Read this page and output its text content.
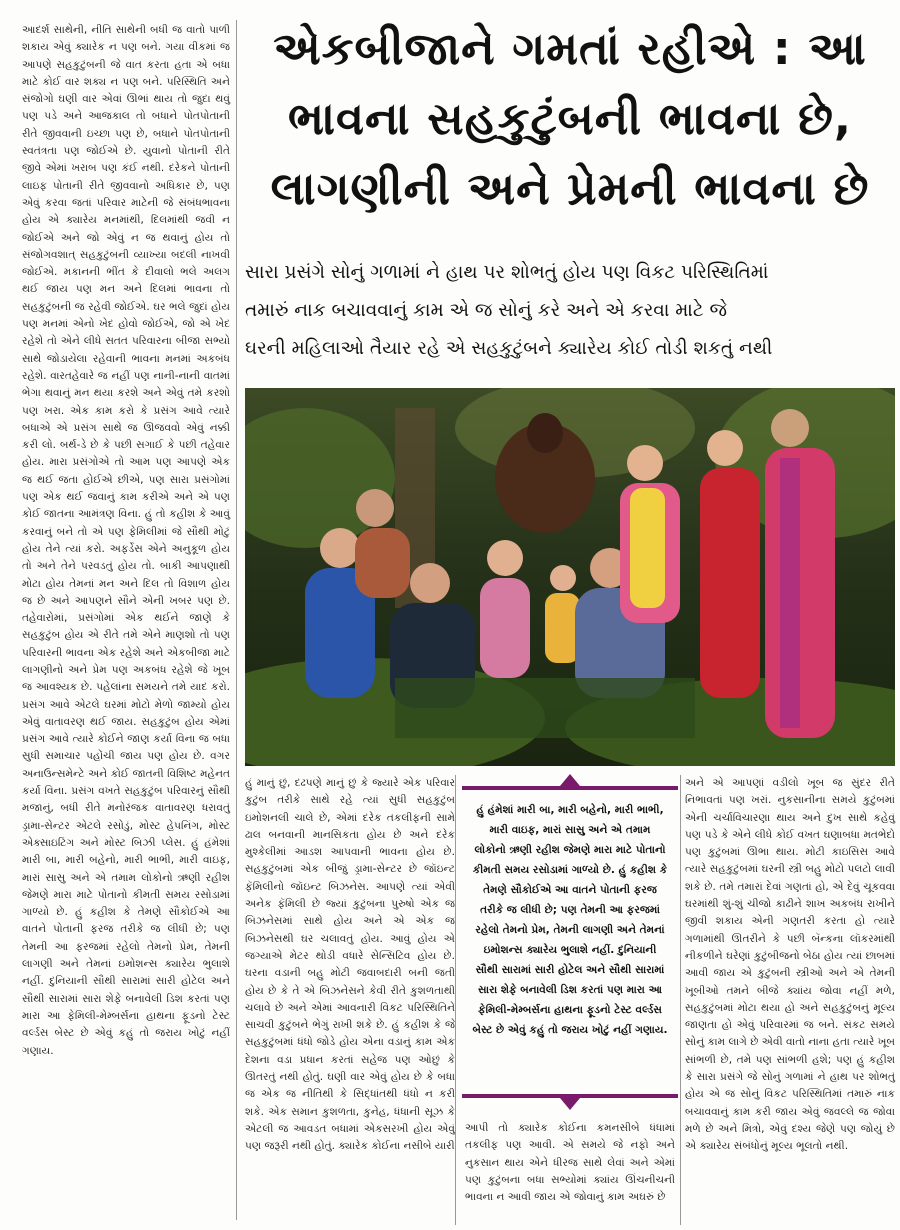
આદર્શ સાથેની, નીતિ સાથેની બધી જ વાતો પાળી શકાય એવું ક્યારેક ન પણ બને. ગયા વીકમાં જ આપણે સહકુટુંબની જે વાત કરતા હતા એ બધા માટે કોઈ વાર શક્ય ન પણ બને. પરિસ્થિતિ અને સંજોગો ઘણી વાર એવાં ઊભાં થાય તો જુદા થવું પણ પડે અને આજકાલ તો બધાને પોતપોતાની રીતે જીવવાની ઇચ્છા પણ છે, બધાને પોતપોતાની સ્વતંત્રતા પણ જોઈએ છે. યુવાનો પોતાની રીતે જીવે એમાં ખરાબ પણ કંઈ નથી. દરેકને પોતાની લાઇફ પોતાની રીતે જીવવાનો અધિકાર છે, પણ એવું કરવા જતાં પરિવાર માટેની જે સંબંધભાવના હોય એ ક્યારેય મનમાંથી, દિલમાંથી જવી ન જોઈએ અને જો એવું ન જ થવાનું હોય તો સંજોગવશાત્ સહકુટુંબની વ્યાખ્યા બદલી નાખવી જોઈએ. મકાનની ભીંત કે દીવાલો ભલે અલગ થઈ જાય પણ મન અને દિલમાં ભાવના તો સહકુટુંબની જ રહેવી જોઈએ. ઘર ભલે જુદાં હોય પણ મનમાં એનો ખેદ હોવો જોઈએ, જો એ ખેદ રહેશે તો એને લીધે સતત પરિવારના બીજા સભ્યો સાથે જોડાયેલા રહેવાની ભાવના મનમાં અકબંધ રહેશે. વારતહેવારે જ નહીં પણ નાની-નાની વાતમાં ભેગા થવાનું મન થયા કરશે અને એવું તમે કરશો પણ ખરા. એક કામ કરો કે પ્રસંગ આવે ત્યારે બધાએ એ પ્રસંગ સાથે જ ઊજવવો એવું નક્કી કરી લો. બર્થ-ડે છે કે પછી સગાઈ કે પછી તહેવાર હોય. મારા પ્રસંગોએ તો આમ પણ આપણે એક જ થઈ જતા હોઈએ છીએ, પણ સારા પ્રસંગોમાં પણ એક થઈ જવાનું કામ કરીએ અને એ પણ કોઈ જાતના આમંત્રણ વિના. હું તો કહીશ કે આવું કરવાનું બને તો એ પણ ફેમિલીમાં જે સૌથી મોટું હોય તેને ત્યાં કરો. અફર્ડેસ એને અનુકૂળ હોય તો અને તેને પરવડતું હોય તો. બાકી આપણાથી મોટા હોય તેમનાં મન અને દિલ તો વિશાળ હોય જ છે અને આપણને સૌને એની ખબર પણ છે. તહેવારોમાં, પ્રસંગોમાં એક થઈને જાણે કે સહકુટુંબ હોય એ રીતે તમે એને માણશો તો પણ પરિવારની ભાવના એક રહેશે અને એકબીજા માટે લાગણીનો અને પ્રેમ પણ અકબંધ રહેશે જે ખૂબ જ આવશ્યક છે. પહેલાંના સમયને તમે યાદ કરો. પ્રસંગ આવે એટલે ઘરમાં મોટો મેળો જામ્યો હોય એવું વાતાવરણ થઈ જાય. સહકુટુંબ હોય એમાં પ્રસંગ આવે ત્યારે કોઈને જાણ કર્યા વિના જ બધા સુધી સમાચાર પહોંચી જાય પણ હોય છે. વગર અનાઉન્સમેન્ટે અને કોઈ જાતની વિશિષ્ટ મહેનત કર્યા વિના. પ્રસંગ વખતે સહકુટુંબ પરિવારનું સૌથી મજાનું, બધી રીતે મનોરંજક વાતાવરણ ધરાવતું ડ્રામા-સેન્ટર એટલે રસોડું, મોસ્ટ હેપનિંગ, મોસ્ટ એક્સાઇટિંગ અને મોસ્ટ બિઝી પ્લેસ. હું હંમેશાં મારી બા, મારી બહેનો, મારી ભાભી, મારી વાઇફ, મારાં સાસુ અને એ તમામ લોકોનો ઋણી રહીશ જેમણે મારા માટે પોતાનો કીમતી સમય રસોડામાં ગાળ્યો છે. હું કહીશ કે તેમણે સૌકોઈએ આ વાતને પોતાની ફરજ તરીકે જ લીધી છે; પણ તેમની આ ફરજમાં રહેલો તેમનો પ્રેમ, તેમની લાગણી અને તેમનાં ઇમોશન્સ ક્યારેય ભુલાશે નહીં. દુનિયાની સૌથી સારામાં સારી હોટેલ અને સૌથી સારામાં સારા શેફે બનાવેલી ડિશ કરતાં પણ મારા આ ફેમિલી-મેમ્બર્સના હાથના ફૂડનો ટેસ્ટ વર્લ્ડસ બેસ્ટ છે એવું કહું તો જરાય ખોટું નહીં ગણાય.

એકબીજાને ગમતાં રહીએ : આ
ભાવના સહકુટુંબની ભાવના છે,
લાગણીની અને પ્રેમની ભાવના છે
સારા પ્રસંગે સોનું ગળામાં ને હાથ પર શોભતું હોય પણ વિકટ પરિસ્થિતિમાં
તમારું નાક બચાવવાનું કામ એ જ સોનું કરે અને એ કરવા માટે જે
ઘરની મહિલાઓ તૈયાર રહે એ સહકુટુંબને ક્યારેય કોઈ તોડી શકતું નથી

હું માનું છું, દઢપણે માનું છું કે જ્યારે એક પરિવાર કુટુંબ તરીકે સાથે રહે ત્યાં સુધી સહકુટુંબ ઇમોશનલી ચાલે છે, એમાં દરેક તકલીફની સામે ઢાલ બનવાની માનસિકતા હોય છે અને દરેક મુશ્કેલીમાં આડશ આપવાની ભાવના હોય છે. સહકુટુંબમાં એક બીજું ડ્રામા-સેન્ટર છે જૉઇન્ટ ફૅમિલીનો જૉઇન્ટ બિઝનેસ. આપણે ત્યાં એવી અનેક ફૅમિલી છે જ્યાં કુટુંબના પુરુષો એક જ બિઝનેસમાં સાથે હોય અને એ એક જ બિઝનેસથી ઘર ચલાવતું હોય. આવું હોય એ જગ્યાએ મેટર થોડી વધારે સેન્સિટિવ હોય છે. ઘરના વડાની બહુ મોટી જવાબદારી બની જતી હોય છે કે તે એ બિઝનેસને કેવી રીતે કુશળતાથી ચલાવે છે અને એમાં આવનારી વિકટ પરિસ્થિતિને સાચવી કુટુંબને ભેગું રાખી શકે છે. હું કહીશ કે જે સહકુટુંબમાં ધંધો જોડે હોય એના વડાનું કામ એક દેશના વડા પ્રધાન કરતાં સહેજ પણ ઓછું કે ઊતરતું નથી હોતું. ઘણી વાર એવું હોય છે કે બધા જ એક જ નીતિથી કે સિદ્ધાંતથી ધંધો ન કરી શકે. એક સમાન કુશળતા, કુનેહ, ધંધાની સૂઝ કે એટલી જ આવડત બધામાં એકસરખી હોય એવું પણ જરૂરી નથી હોતું. ક્યારેક કોઈના નસીબે યારી

હું હંમેશાં મારી બા, મારી બહેનો, મારી ભાભી, મારી વાઇફ, મારાં સાસુ અને એ તમામ લોકોનો ઋણી રહીશ જેમણે મારા માટે પોતાનો કીમતી સમય રસોડામાં ગાળ્યો છે. હું કહીશ કે તેમણે સૌકોઈએ આ વાતને પોતાની ફરજ તરીકે જ લીધી છે; પણ તેમની આ ફરજમાં રહેલો તેમનો પ્રેમ, તેમની લાગણી અને તેમનાં ઇમોશન્સ ક્યારેય ભુલાશે નહીં. દુનિયાની સૌથી સારામાં સારી હોટેલ અને સૌથી સારામાં સારા શેફે બનાવેલી ડિશ કરતાં પણ મારા આ ફેમિલી-મેમ્બર્સના હાથના ફૂડનો ટેસ્ટ વર્લ્ડસ બેસ્ટ છે એવું કહું તો જરાય ખોટું નહીં ગણાય.

આપી તો ક્યારેક કોઈના કમનસીબે ધંધામાં તકલીફ પણ આવી. એ સમયે જે નફો અને નુકસાન થાય એને ધીરજ સાથે લેવાં અને એમાં પણ કુટુંબના બધા સભ્યોમાં ક્યાંય ઊંચનીચની ભાવના ન આવી જાય એ જોવાનું કામ અઘરું છે

અને એ આપણાં વડીલો ખૂબ જ સુંદર રીતે નિભાવતાં પણ ખરાં. નુકસાનીના સમયે કુટુંબમાં એની ચર્ચાવિચારણા થાય અને દુખ સાથે કહેવું પણ પડે કે એને લીધે કોઈ વખત ઘણાબધા મતભેદો પણ કુટુંબમાં ઊભા થાય. મોટી કાઇસિસ આવે ત્યારે સહકુટુંબમાં ઘરની સ્ત્રી બહુ મોટો પલટો લાવી શકે છે. તમે તમારાં દેવાં ગણતાં હો, એ દેવું ચૂકવવા ઘરમાંથી શું-શું ચીજો કાઢીને શાખ અકબંધ રાખીને જીવી શકાય એની ગણતરી કરતા હો ત્યારે ગળામાંથી ઊતરીને કે પછી બૅન્કના લૉકરમાંથી નીકળીને ઘરેણાં કુટુંબીજનો બેઠા હોય ત્યાં છાબમાં આવી જાય એ કુટુંબની સ્ત્રીઓ અને એ તેમની ખૂબીઓ તમને બીજે ક્યાંય જોવા નહીં મળે, સહકુટુંબમાં મોટા થયા હો અને સહકુટુંબનું મૂલ્ય જાણતા હો એવું પરિવારમાં જ બને. સંકટ સમયે સોનું કામ લાગે છે એવી વાતો નાના હતા ત્યારે ખૂબ સાંભળી છે, તમે પણ સાંભળી હશે; પણ હું કહીશ કે સારા પ્રસંગે જે સોનું ગળામાં ને હાથ પર શોભતું હોય એ જ સોનું વિકટ પરિસ્થિતિમાં તમારું નાક બચાવવાનું કામ કરી જાય એવું જવલ્લે જ જોવા મળે છે અને મિત્રો, એવું દશ્ય જેણે પણ જોયું છે એ ક્યારેય સંબંધોનું મૂલ્ય ભૂલતો નથી.
